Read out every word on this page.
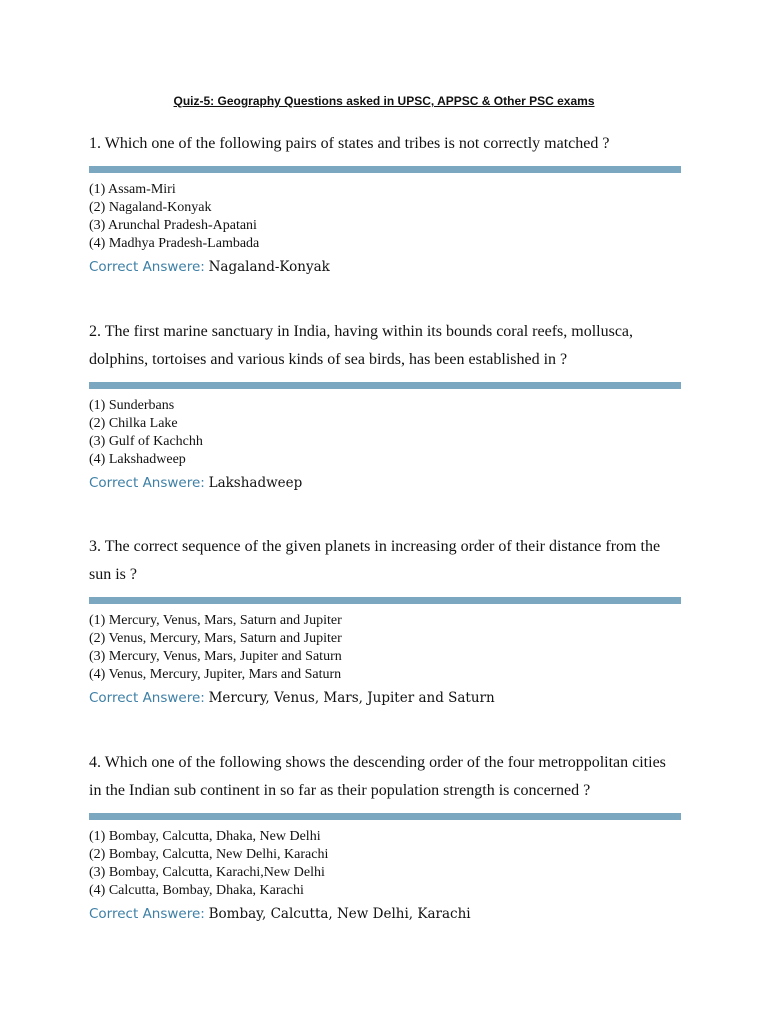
Quiz-5: Geography Questions asked in UPSC, APPSC & Other PSC exams

1. Which one of the following pairs of states and tribes is not correctly matched ?

(1) Assam-Miri
(2) Nagaland-Konyak
(3) Arunchal Pradesh-Apatani
(4) Madhya Pradesh-Lambada
Correct Answere: Nagaland-Konyak

2. The first marine sanctuary in India, having within its bounds coral reefs, mollusca, dolphins, tortoises and various kinds of sea birds, has been established in ?

(1) Sunderbans
(2) Chilka Lake
(3) Gulf of Kachchh
(4) Lakshadweep
Correct Answere: Lakshadweep

3. The correct sequence of the given planets in increasing order of their distance from the sun is ?

(1) Mercury, Venus, Mars, Saturn and Jupiter
(2) Venus, Mercury, Mars, Saturn and Jupiter
(3) Mercury, Venus, Mars, Jupiter and Saturn
(4) Venus, Mercury, Jupiter, Mars and Saturn
Correct Answere: Mercury, Venus, Mars, Jupiter and Saturn

4. Which one of the following shows the descending order of the four metroppolitan cities in the Indian sub continent in so far as their population strength is concerned ?

(1) Bombay, Calcutta, Dhaka, New Delhi
(2) Bombay, Calcutta, New Delhi, Karachi
(3) Bombay, Calcutta, Karachi,New Delhi
(4) Calcutta, Bombay, Dhaka, Karachi
Correct Answere: Bombay, Calcutta, New Delhi, Karachi
